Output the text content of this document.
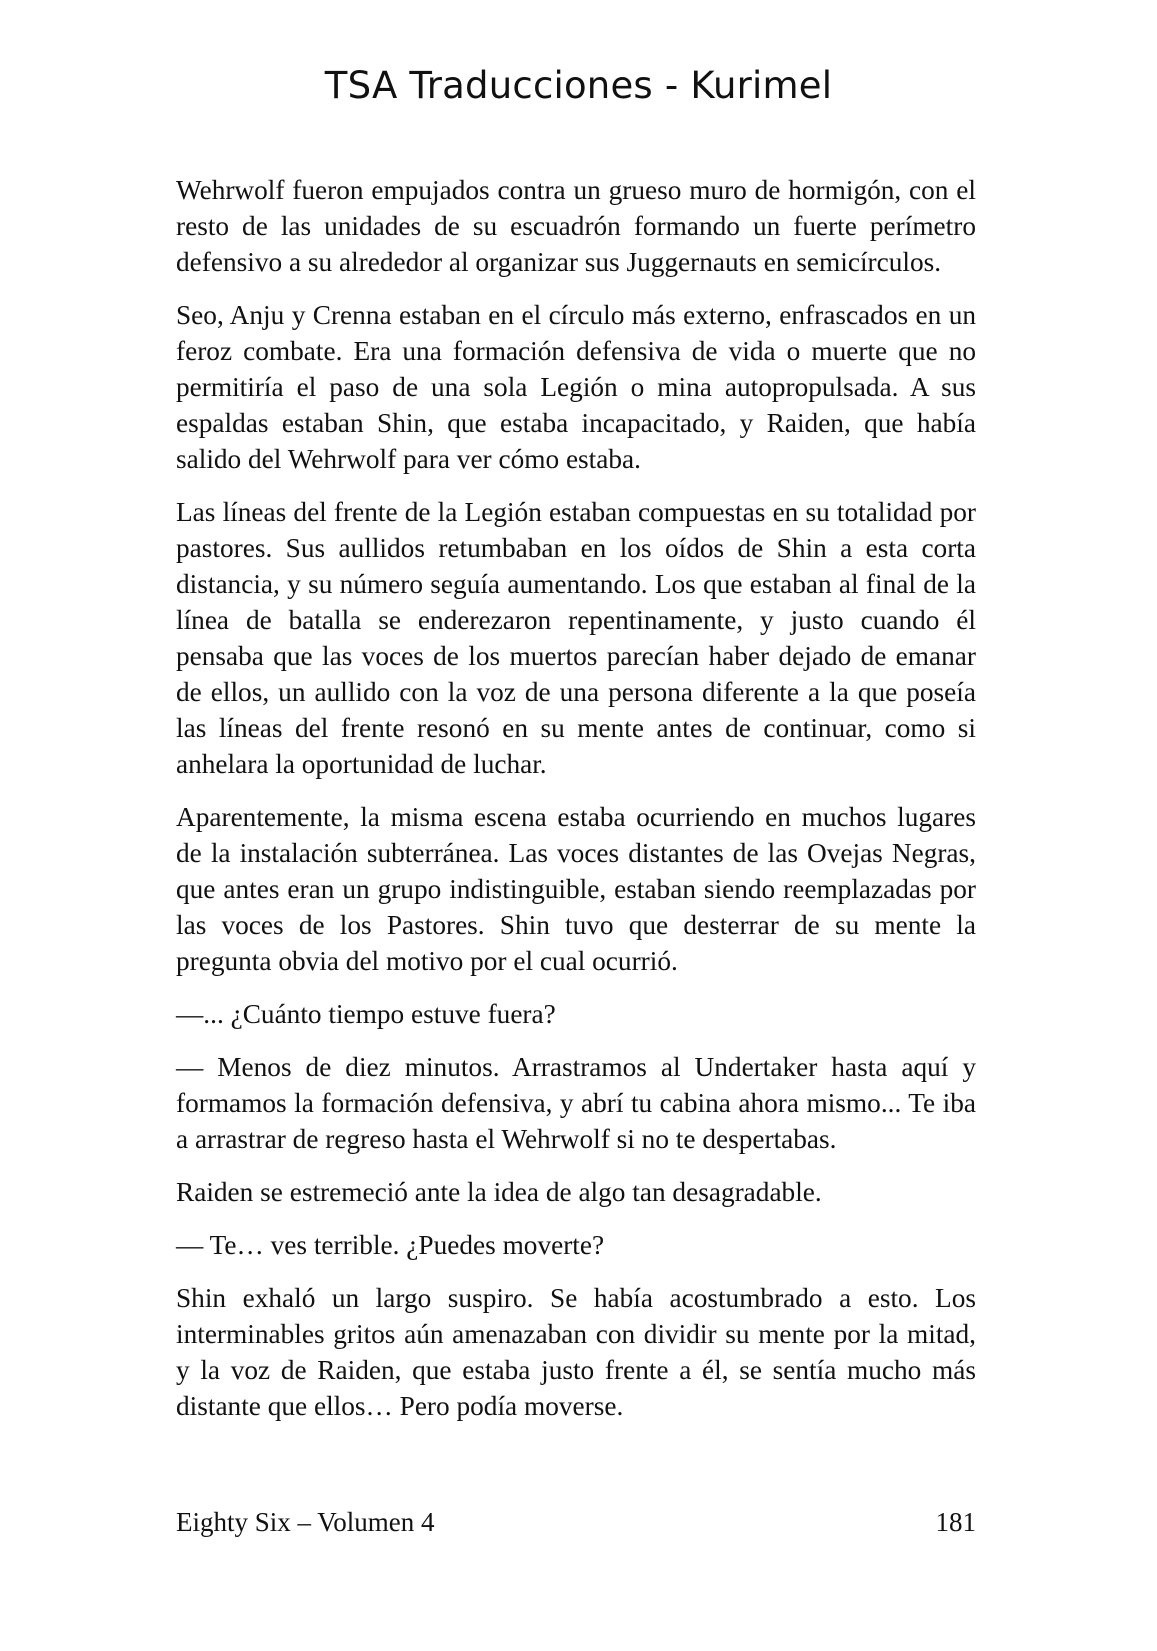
TSA Traducciones - Kurimel

Wehrwolf fueron empujados contra un grueso muro de hormigón, con el resto de las unidades de su escuadrón formando un fuerte perímetro defensivo a su alrededor al organizar sus Juggernauts en semicírculos.

Seo, Anju y Crenna estaban en el círculo más externo, enfrascados en un feroz combate. Era una formación defensiva de vida o muerte que no permitiría el paso de una sola Legión o mina autopropulsada. A sus espaldas estaban Shin, que estaba incapacitado, y Raiden, que había salido del Wehrwolf para ver cómo estaba.

Las líneas del frente de la Legión estaban compuestas en su totalidad por pastores. Sus aullidos retumbaban en los oídos de Shin a esta corta distancia, y su número seguía aumentando. Los que estaban al final de la línea de batalla se enderezaron repentinamente, y justo cuando él pensaba que las voces de los muertos parecían haber dejado de emanar de ellos, un aullido con la voz de una persona diferente a la que poseía las líneas del frente resonó en su mente antes de continuar, como si anhelara la oportunidad de luchar.

Aparentemente, la misma escena estaba ocurriendo en muchos lugares de la instalación subterránea. Las voces distantes de las Ovejas Negras, que antes eran un grupo indistinguible, estaban siendo reemplazadas por las voces de los Pastores. Shin tuvo que desterrar de su mente la pregunta obvia del motivo por el cual ocurrió.

—... ¿Cuánto tiempo estuve fuera?

— Menos de diez minutos. Arrastramos al Undertaker hasta aquí y formamos la formación defensiva, y abrí tu cabina ahora mismo... Te iba a arrastrar de regreso hasta el Wehrwolf si no te despertabas.

Raiden se estremeció ante la idea de algo tan desagradable.

— Te… ves terrible. ¿Puedes moverte?

Shin exhaló un largo suspiro. Se había acostumbrado a esto. Los interminables gritos aún amenazaban con dividir su mente por la mitad, y la voz de Raiden, que estaba justo frente a él, se sentía mucho más distante que ellos… Pero podía moverse.

Eighty Six – Volumen 4	181
